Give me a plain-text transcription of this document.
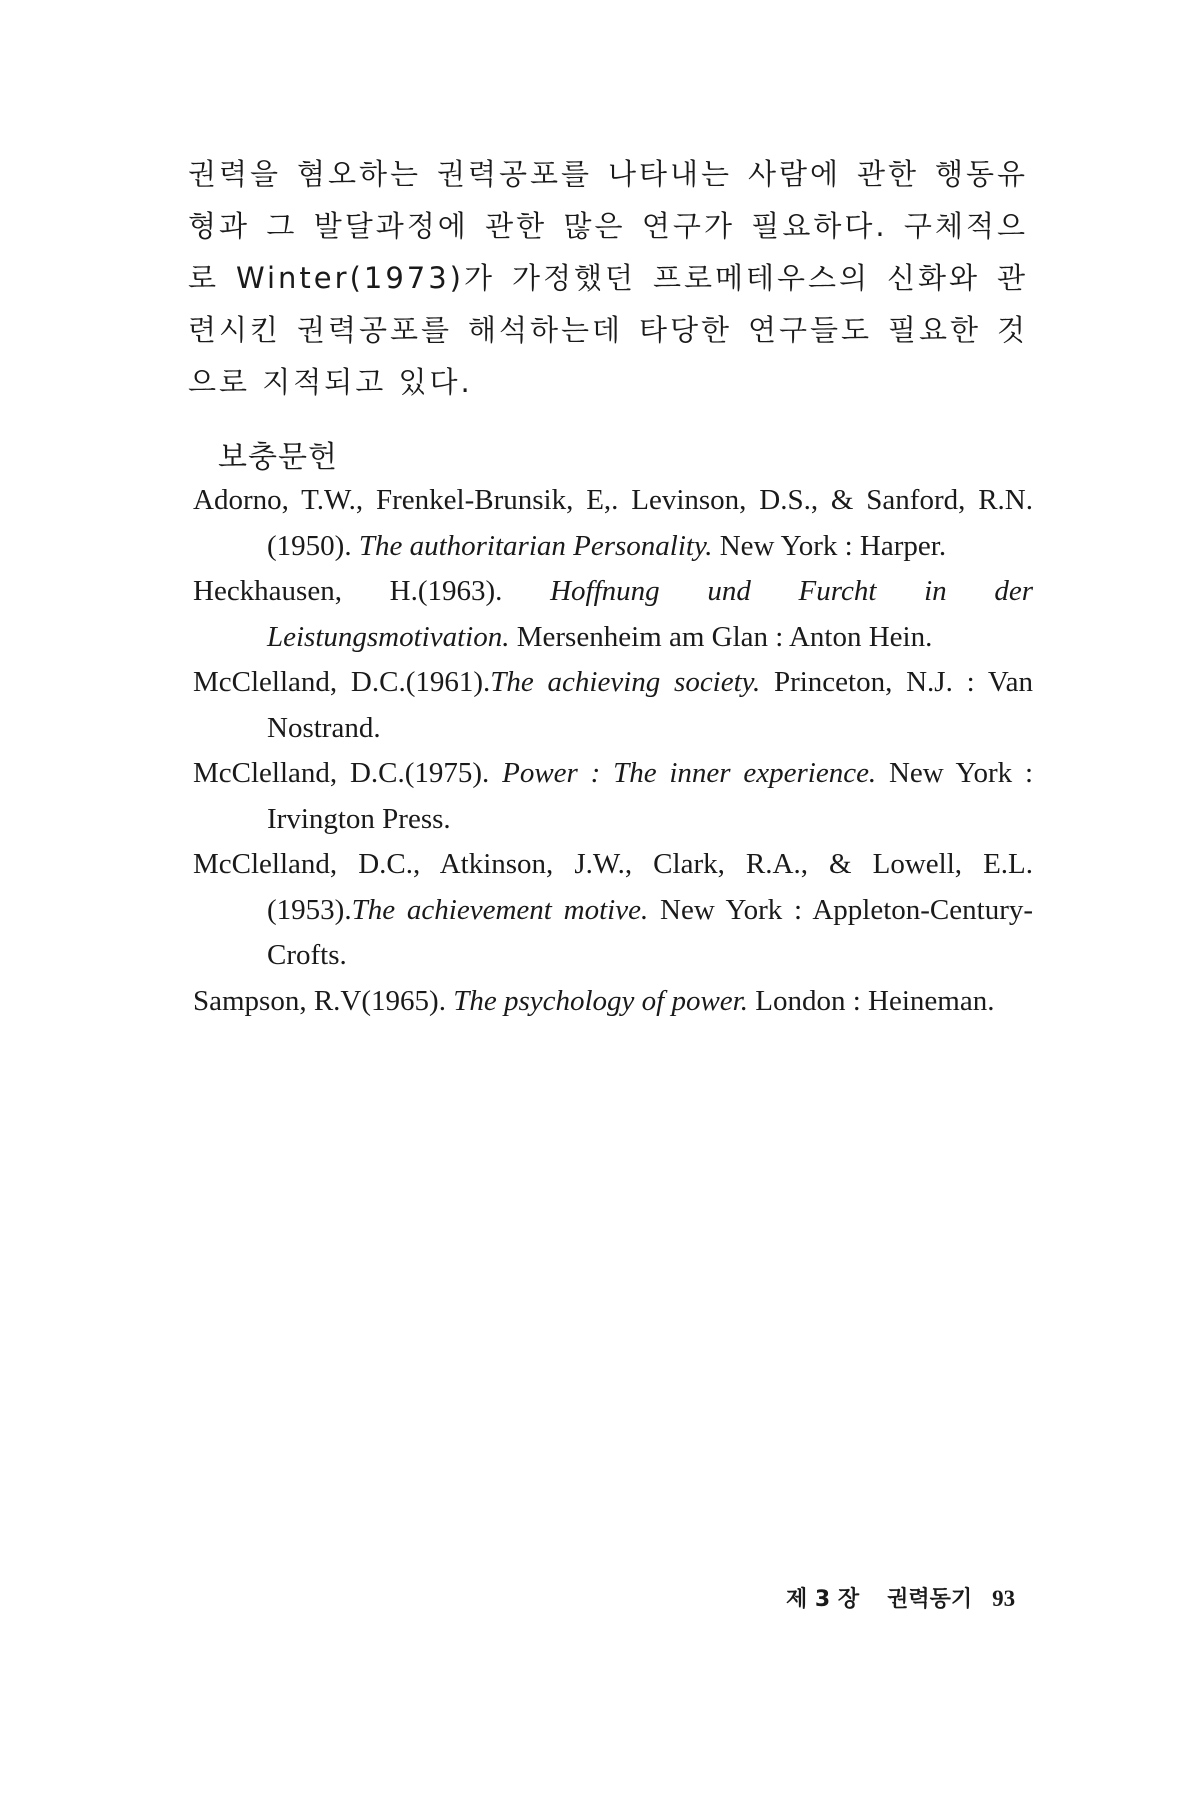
권력을 혐오하는 권력공포를 나타내는 사람에 관한 행동유형과 그 발달과정에 관한 많은 연구가 필요하다. 구체적으로 Winter(1973)가 가정했던 프로메테우스의 신화와 관련시킨 권력공포를 해석하는데 타당한 연구들도 필요한 것으로 지적되고 있다.

보충문헌
Adorno, T.W., Frenkel-Brunsik, E,. Levinson, D.S., & Sanford, R.N.(1950). The authoritarian Personality. New York : Harper.
Heckhausen, H.(1963). Hoffnung und Furcht in der Leistungsmotivation. Mersenheim am Glan : Anton Hein.
McClelland, D.C.(1961).The achieving society. Princeton, N.J. : Van Nostrand.
McClelland, D.C.(1975). Power : The inner experience. New York : Irvington Press.
McClelland, D.C., Atkinson, J.W., Clark, R.A., & Lowell, E.L.(1953).The achievement motive. New York : Appleton-Century-Crofts.
Sampson, R.V(1965). The psychology of power. London : Heineman.
제 3 장 권력동기 93
